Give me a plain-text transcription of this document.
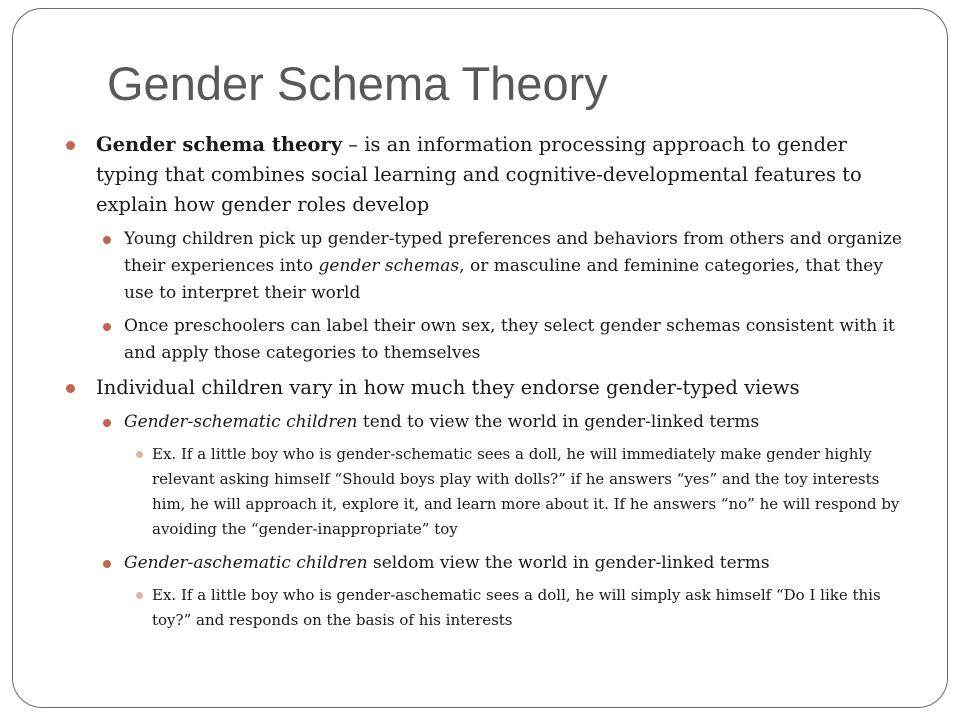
Gender Schema Theory
Gender schema theory – is an information processing approach to gender typing that combines social learning and cognitive-developmental features to explain how gender roles develop
Young children pick up gender-typed preferences and behaviors from others and organize their experiences into gender schemas, or masculine and feminine categories, that they use to interpret their world
Once preschoolers can label their own sex, they select gender schemas consistent with it and apply those categories to themselves
Individual children vary in how much they endorse gender-typed views
Gender-schematic children tend to view the world in gender-linked terms
Ex. If a little boy who is gender-schematic sees a doll, he will immediately make gender highly relevant asking himself “Should boys play with dolls?” if he answers “yes” and the toy interests him, he will approach it, explore it, and learn more about it. If he answers “no” he will respond by avoiding the “gender-inappropriate” toy
Gender-aschematic children seldom view the world in gender-linked terms
Ex. If a little boy who is gender-aschematic sees a doll, he will simply ask himself “Do I like this toy?” and responds on the basis of his interests
